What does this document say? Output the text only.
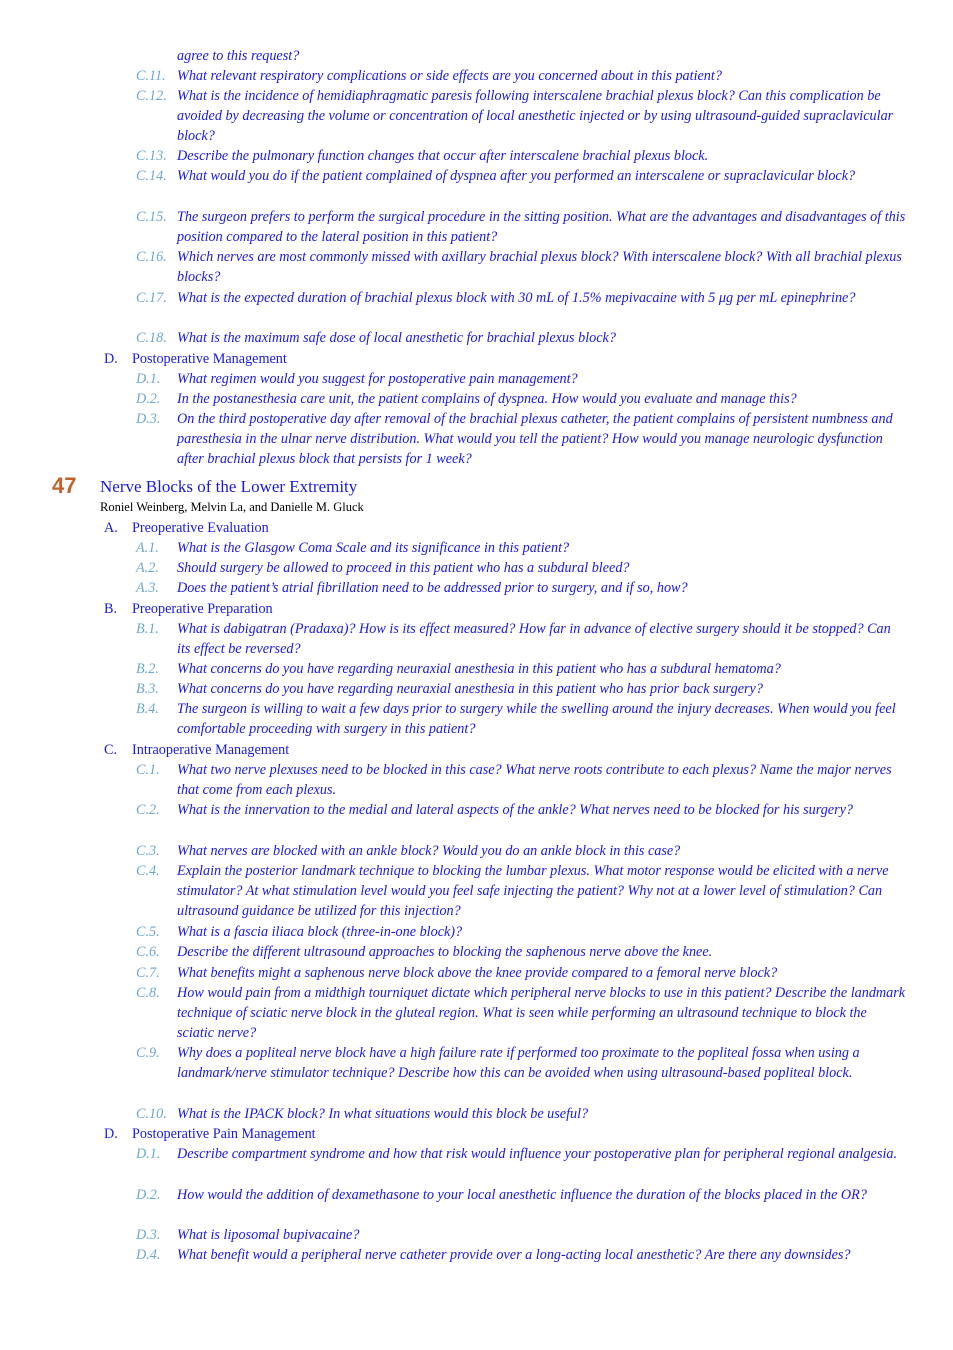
agree to this request?
C.11. What relevant respiratory complications or side effects are you concerned about in this patient?
C.12. What is the incidence of hemidiaphragmatic paresis following interscalene brachial plexus block? Can this complication be avoided by decreasing the volume or concentration of local anesthetic injected or by using ultrasound-guided supraclavicular block?
C.13. Describe the pulmonary function changes that occur after interscalene brachial plexus block.
C.14. What would you do if the patient complained of dyspnea after you performed an interscalene or supraclavicular block?
C.15. The surgeon prefers to perform the surgical procedure in the sitting position. What are the advantages and disadvantages of this position compared to the lateral position in this patient?
C.16. Which nerves are most commonly missed with axillary brachial plexus block? With interscalene block? With all brachial plexus blocks?
C.17. What is the expected duration of brachial plexus block with 30 mL of 1.5% mepivacaine with 5 μg per mL epinephrine?
C.18. What is the maximum safe dose of local anesthetic for brachial plexus block?
D. Postoperative Management
D.1. What regimen would you suggest for postoperative pain management?
D.2. In the postanesthesia care unit, the patient complains of dyspnea. How would you evaluate and manage this?
D.3. On the third postoperative day after removal of the brachial plexus catheter, the patient complains of persistent numbness and paresthesia in the ulnar nerve distribution. What would you tell the patient? How would you manage neurologic dysfunction after brachial plexus block that persists for 1 week?
47 Nerve Blocks of the Lower Extremity
Roniel Weinberg, Melvin La, and Danielle M. Gluck
A. Preoperative Evaluation
A.1. What is the Glasgow Coma Scale and its significance in this patient?
A.2. Should surgery be allowed to proceed in this patient who has a subdural bleed?
A.3. Does the patient’s atrial fibrillation need to be addressed prior to surgery, and if so, how?
B. Preoperative Preparation
B.1. What is dabigatran (Pradaxa)? How is its effect measured? How far in advance of elective surgery should it be stopped? Can its effect be reversed?
B.2. What concerns do you have regarding neuraxial anesthesia in this patient who has a subdural hematoma?
B.3. What concerns do you have regarding neuraxial anesthesia in this patient who has prior back surgery?
B.4. The surgeon is willing to wait a few days prior to surgery while the swelling around the injury decreases. When would you feel comfortable proceeding with surgery in this patient?
C. Intraoperative Management
C.1. What two nerve plexuses need to be blocked in this case? What nerve roots contribute to each plexus? Name the major nerves that come from each plexus.
C.2. What is the innervation to the medial and lateral aspects of the ankle? What nerves need to be blocked for his surgery?
C.3. What nerves are blocked with an ankle block? Would you do an ankle block in this case?
C.4. Explain the posterior landmark technique to blocking the lumbar plexus. What motor response would be elicited with a nerve stimulator? At what stimulation level would you feel safe injecting the patient? Why not at a lower level of stimulation? Can ultrasound guidance be utilized for this injection?
C.5. What is a fascia iliaca block (three-in-one block)?
C.6. Describe the different ultrasound approaches to blocking the saphenous nerve above the knee.
C.7. What benefits might a saphenous nerve block above the knee provide compared to a femoral nerve block?
C.8. How would pain from a midthigh tourniquet dictate which peripheral nerve blocks to use in this patient? Describe the landmark technique of sciatic nerve block in the gluteal region. What is seen while performing an ultrasound technique to block the sciatic nerve?
C.9. Why does a popliteal nerve block have a high failure rate if performed too proximate to the popliteal fossa when using a landmark/nerve stimulator technique? Describe how this can be avoided when using ultrasound-based popliteal block.
C.10. What is the IPACK block? In what situations would this block be useful?
D. Postoperative Pain Management
D.1. Describe compartment syndrome and how that risk would influence your postoperative plan for peripheral regional analgesia.
D.2. How would the addition of dexamethasone to your local anesthetic influence the duration of the blocks placed in the OR?
D.3. What is liposomal bupivacaine?
D.4. What benefit would a peripheral nerve catheter provide over a long-acting local anesthetic? Are there any downsides?
